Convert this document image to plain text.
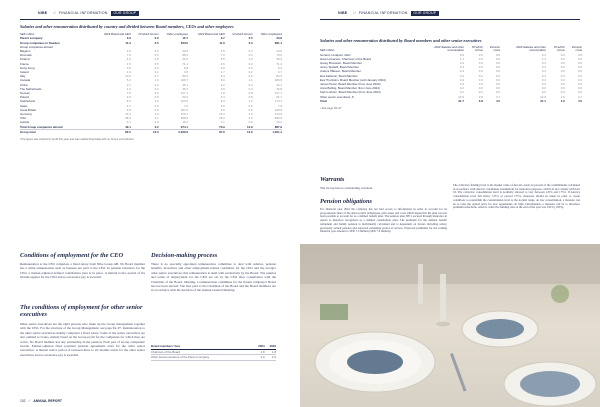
NIBE // FINANCIAL INFORMATION	OUR GROUP
Salaries and other remuneration distributed by country and divided between Board members, CEOs and other employees
SEK million	2024 Board and CEO	Of which bonus¹	Other employees	2023 Board and CEO	Of which bonus¹	Other employees
Parent company	3.9	0.0	10.7	3.7	0.0	20.8
Group companies in Sweden	11.3	0.5	633.0	11.0	0.3	681.1
Group companies abroad						
Belgium	2.6	0.3	20.8	2.5	0.3	24.6
Denmark	7.9	0.0	85.5	7.6	0.2	70.6
Finland	4.5	0.5	60.9	5.6	1.0	69.3
France	4.5	0.5	71.1	4.5	0.2	71.2
Hong Kong	0.0	0.0	6.8	0.0	0.0	6.4
Ireland	1.9	0.1	3.8	1.7	0.2	3.7
Italy	10.5	0.7	80.5	9.4	0.9	82.3
Canada	5.2	1.0	196.7	6.9	1.1	180.5
China	3.7	0.3	35.1	3.2	0.4	32.1
The Netherlands	4.2	0.3	36.2	3.9	0.4	32.8
Norway	7.9	0.6	127.1	7.8	0.8	127.7
Poland	3.9	0.8	62.5	4.3	0.8	61.7
Switzerland	8.3	1.0	163.5	8.4	1.0	174.1
Spain	2.7	0.5	7.6	2.6	0.5	7.5
Great Britain	6.9	0.5	187.0	5.9	0.5	169.8
Germany	15.4	1.0	379.1	15.4	1.5	413.5
USA	38.4	3.1	828.9	35.2	3.2	866.5
Austria	1.1	0.0	15.4	1.1	0.0	16.4
Total Group companies abroad	49.1	0.2	974.1	73.9	12.9	887.9
Group total	80.0	12.3	2,226.9	87.6	12.9	1,301.4
¹The figure was entered in profit this year and was settled financially with no bonus commitment
Conditions of employment for the CEO
Remuneration to the CEO comprises a fixed salary from Nibe Group AB. No Board member has a white remuneration such as bonuses are paid to the CEO. In pension insurance for the CEO, a market-adjusted defined contribution plan is in place. A mutual notice period of six months applies for the CEO and no severance pay is awarded.
The conditions of employment for other senior executives
Other senior executives are the eight persons who make up the Group management together with the CEO. For the structure of the Group Management, see page 94–97. Remuneration to the other senior executives mainly comprises a fixed salary. Some of the senior executives are also entitled to bonus, mainly based on the Group profit for the companies for which they are active. No Board member has any partnership in the pension. Each part of Group companies' boards. Market-adjusted fixed payment pension agreements exist for the other senior executives. A mutual notice period of between three to six months exists for the other senior executives and no severance pay is awarded.
Decision-making process
There is no specially appointed remuneration committee to deal with salaries, pension benefits, incentives and other employment-related conditions for the CEO and the Group's other senior executives; this remuneration is dealt with exclusively by the Board. The salaries and terms of employment for the CEO are set by the CEO after consultation with the Chairman of the Board. Meeting, a remuneration committee for the Parent company's Board has not been elected. The fees paid to the Chairman of the Board and the Board members are in accordance with the decision of the Annual General Meeting.
Board members' fees	2024	2023
Chairman of the Board	1.8	1.8
Other board members of the Parent company	2.0	1.9
102 // ANNUAL REPORT
NIBE // FINANCIAL INFORMATION	OUR GROUP
Salaries and other remuneration distributed by Board members and other senior executives
SEK million	2024 Salaries and other remuneration	Of which bonus	Pension costs	2023 Salaries and other remuneration	Of which bonus	Pension costs
Gerteric Lindquist, CEO	3.6	0.0	0.8	3.4	0.0	0.8
Hans Linnarson, Chairman of the Board	1.1	0.0	0.0	1.1	0.0	0.0
Georg Brunstam, Board Member	0.4	0.0	0.0	0.4	0.0	0.0
Jenny Sjödahl, Board Member	0.4	0.0	0.0	0.4	0.0	0.0
Anders Pålsson, Board Member	0.4	0.0	0.0	0.4	0.0	0.0
Eva Karlsson, Board Member	0.4	0.0	0.0	0.4	0.0	0.0
Eva Thunholm, Board Member (until January 2024)	0.4	0.0	0.0	0.4	0.0	0.0
James Pérez, Board Member (from June 2024)	0.2	0.0	0.0	0.0	0.0	0.0
Anna Bolling, Board Member (from June 2024)	0.2	0.0	0.0	0.0	0.0	0.0
Karin Lisborn, Board Member (from June 2024)	0.2	0.0	0.0	0.0	0.0	0.0
Other senior executives, 8	24.5	0.8	3.7	24.0	1.6	3.7
Total	31.7	0.8	4.5	31.1	1.6	4.5
¹ See page 94–97
Warrants
The Group has no outstanding warrants.
Pension obligations
For financial year 2024 the company has not had access to information in order to account for its proportionate share of the Alecta plan's obligations, plan assets and costs which meant that the plan was not been possible to account for as a defined benefit plan. The pension plan ITP 2 secured through insurance in Alecta is therefore recognised as a defined contribution plan. The premium for the defined benefit retirement and family pension is individually calculated and is dependent on factors including salary, previously earned pension and expected remaining period of service. Expected premiums for the coming financial year amount to SEK 7.3 million (SEK 7.6 million).
The collective funding level is the market value of Alecta's assets in percent of the commitments calculated in accordance with Alecta's calculation assumptions for insurance purposes, which do not comply with IAS 19. The collective consolidation level is normally allowed to vary between 125% and 175%. If Alecta's consolidation level fall below 125% or exceed 175%, measures should be taken in order to create conditions to reestablish the consolidation level to the normal range. At low consolidation, a measure can be to raise the agreed price for new agreements. At high consolidation, a measure can be to introduce premium reductions. Alecta's collective funding ratio at the end of the year was 162% (158%).
